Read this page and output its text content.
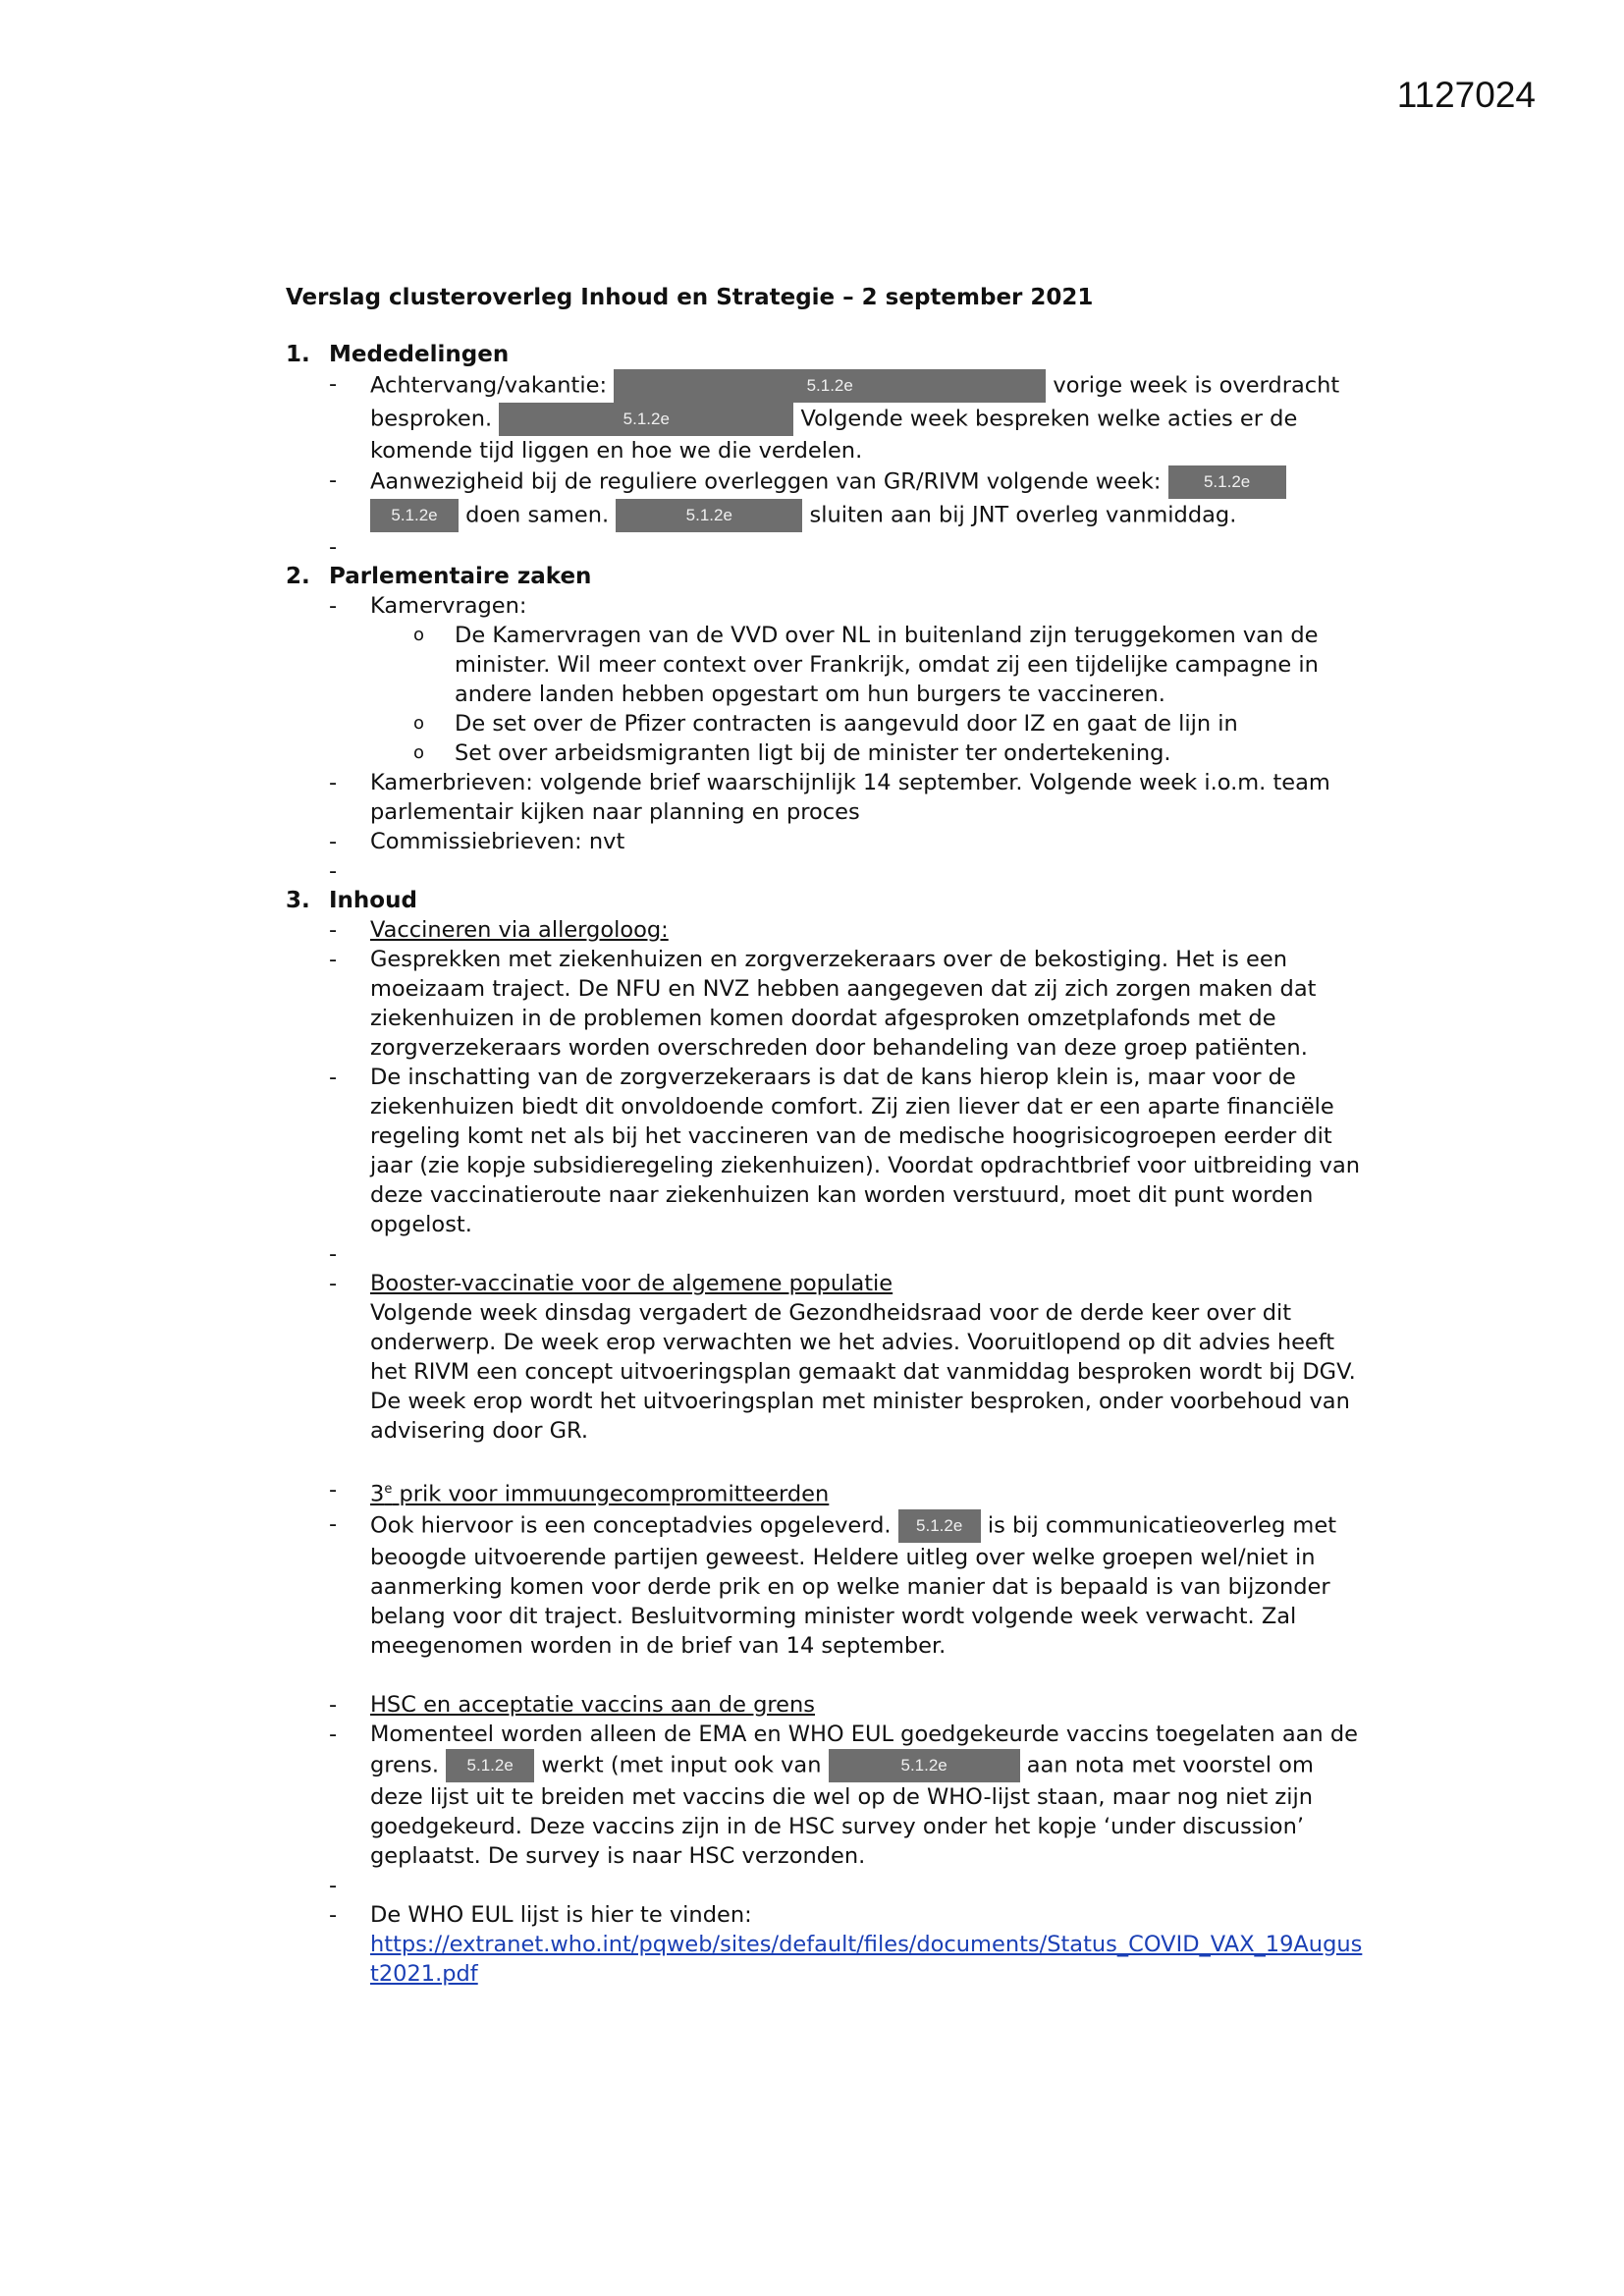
1127024
Verslag clusteroverleg Inhoud en Strategie – 2 september 2021
1. Mededelingen
-	Achtervang/vakantie:	5.1.2e	vorige week is overdracht besproken.	5.1.2e	Volgende week bespreken welke acties er de komende tijd liggen en hoe we die verdelen.
-	Aanwezigheid bij de reguliere overleggen van GR/RIVM volgende week:	5.1.2e 5.1.2e doen samen.	5.1.2e	sluiten aan bij JNT overleg vanmiddag.
-
2. Parlementaire zaken
-	Kamervragen:
o	De Kamervragen van de VVD over NL in buitenland zijn teruggekomen van de minister. Wil meer context over Frankrijk, omdat zij een tijdelijke campagne in andere landen hebben opgestart om hun burgers te vaccineren.
o	De set over de Pfizer contracten is aangevuld door IZ en gaat de lijn in
o	Set over arbeidsmigranten ligt bij de minister ter ondertekening.
-	Kamerbrieven: volgende brief waarschijnlijk 14 september. Volgende week i.o.m. team parlementair kijken naar planning en proces
-	Commissiebrieven: nvt
-
3. Inhoud
-	Vaccineren via allergoloog:
-	Gesprekken met ziekenhuizen en zorgverzekeraars over de bekostiging. Het is een moeizaam traject. De NFU en NVZ hebben aangegeven dat zij zich zorgen maken dat ziekenhuizen in de problemen komen doordat afgesproken omzetplafonds met de zorgverzekeraars worden overschreden door behandeling van deze groep patiënten.
-	De inschatting van de zorgverzekeraars is dat de kans hierop klein is, maar voor de ziekenhuizen biedt dit onvoldoende comfort. Zij zien liever dat er een aparte financiële regeling komt net als bij het vaccineren van de medische hoogrisicogroepen eerder dit jaar (zie kopje subsidieregeling ziekenhuizen). Voordat opdrachtbrief voor uitbreiding van deze vaccinatieroute naar ziekenhuizen kan worden verstuurd, moet dit punt worden opgelost.
-
-	Booster-vaccinatie voor de algemene populatie
Volgende week dinsdag vergadert de Gezondheidsraad voor de derde keer over dit onderwerp. De week erop verwachten we het advies. Vooruitlopend op dit advies heeft het RIVM een concept uitvoeringsplan gemaakt dat vanmiddag besproken wordt bij DGV. De week erop wordt het uitvoeringsplan met minister besproken, onder voorbehoud van advisering door GR.
-	3e prik voor immuungecompromitteerden
-	Ook hiervoor is een conceptadvies opgeleverd. 5.1.2e is bij communicatieoverleg met beoogde uitvoerende partijen geweest. Heldere uitleg over welke groepen wel/niet in aanmerking komen voor derde prik en op welke manier dat is bepaald is van bijzonder belang voor dit traject. Besluitvorming minister wordt volgende week verwacht. Zal meegenomen worden in de brief van 14 september.
-	HSC en acceptatie vaccins aan de grens
-	Momenteel worden alleen de EMA en WHO EUL goedgekeurde vaccins toegelaten aan de grens. 5.1.2e werkt (met input ook van	5.1.2e	aan nota met voorstel om deze lijst uit te breiden met vaccins die wel op de WHO-lijst staan, maar nog niet zijn goedgekeurd. Deze vaccins zijn in de HSC survey onder het kopje ‘under discussion’ geplaatst. De survey is naar HSC verzonden.
-
-	De WHO EUL lijst is hier te vinden:
https://extranet.who.int/pqweb/sites/default/files/documents/Status_COVID_VAX_19August2021.pdf
